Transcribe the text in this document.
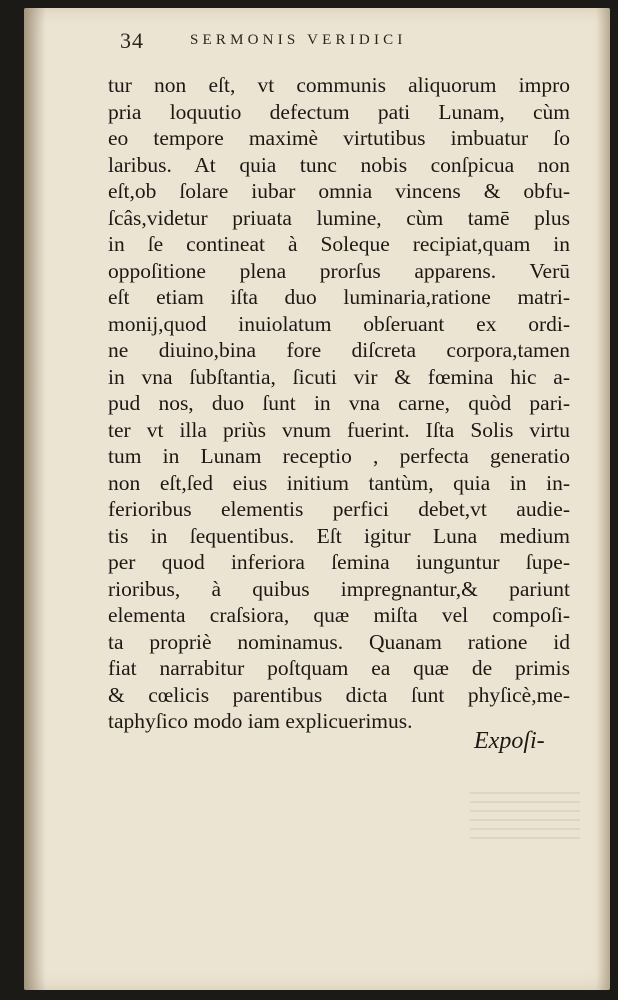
34	SERMONIS VERIDICI
tur non eſt, vt communis aliquorum impro
pria loquutio defectum pati Lunam, cùm
eo tempore maximè virtutibus imbuatur ſo
laribus. At quia tunc nobis conſpicua non
eſt,ob ſolare iubar omnia vincens & obfu-
ſcâs,videtur priuata lumine, cùm tamē plus
in ſe contineat à Soleque recipiat,quam in
oppoſitione plena prorſus apparens. Verū
eſt etiam iſta duo luminaria,ratione matri-
monij,quod inuiolatum obſeruant ex ordi-
ne diuino,bina fore diſcreta corpora,tamen
in vna ſubſtantia, ſicuti vir & fœmina hic a-
pud nos, duo ſunt in vna carne, quòd pari-
ter vt illa priùs vnum fuerint. Iſta Solis virtu
tum in Lunam receptio , perfecta generatio
non eſt,ſed eius initium tantùm, quia in in-
ferioribus elementis perfici debet,vt audie-
tis in ſequentibus. Eſt igitur Luna medium
per quod inferiora ſemina iunguntur ſupe-
rioribus, à quibus impregnantur,& pariunt
elementa craſsiora, quæ miſta vel compoſi-
ta propriè nominamus. Quanam ratione id
fiat narrabitur poſtquam ea quæ de primis
& cœlicis parentibus dicta ſunt phyſicè,me-
taphyſico modo iam explicuerimus.
Expoſi-
